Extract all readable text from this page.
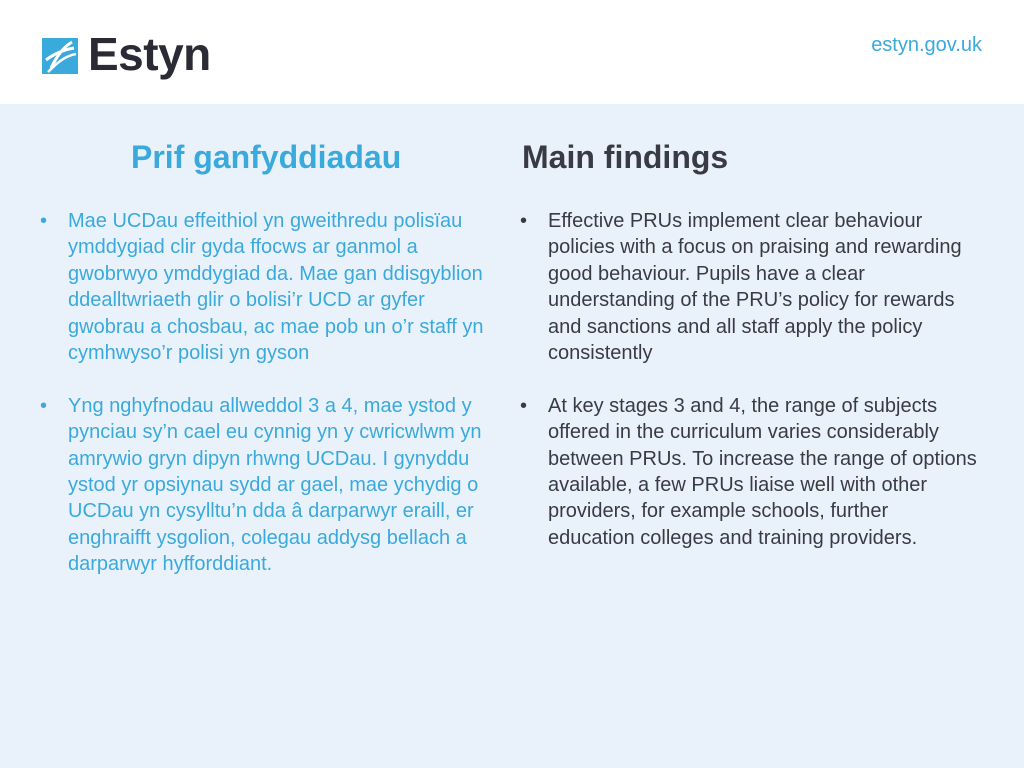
Estyn	estyn.gov.uk
Prif ganfyddiadau	Main findings
•	Mae UCDau effeithiol yn gweithredu polisïau ymddygiad clir gyda ffocws ar ganmol a gwobrwyo ymddygiad da. Mae gan ddisgyblion ddealltwriaeth glir o bolisi’r UCD ar gyfer gwobrau a chosbau, ac mae pob un o’r staff yn cymhwyso’r polisi yn gyson
•	Yng nghyfnodau allweddol 3 a 4, mae ystod y pynciau sy’n cael eu cynnig yn y cwricwlwm yn amrywio gryn dipyn rhwng UCDau. I gynyddu ystod yr opsiynau sydd ar gael, mae ychydig o UCDau yn cysylltu’n dda â darparwyr eraill, er enghraifft ysgolion, colegau addysg bellach a darparwyr hyfforddiant.
•	Effective PRUs implement clear behaviour policies with a focus on praising and rewarding good behaviour. Pupils have a clear understanding of the PRU’s policy for rewards and sanctions and all staff apply the policy consistently
•	At key stages 3 and 4, the range of subjects offered in the curriculum varies considerably between PRUs. To increase the range of options available, a few PRUs liaise well with other providers, for example schools, further education colleges and training providers.
